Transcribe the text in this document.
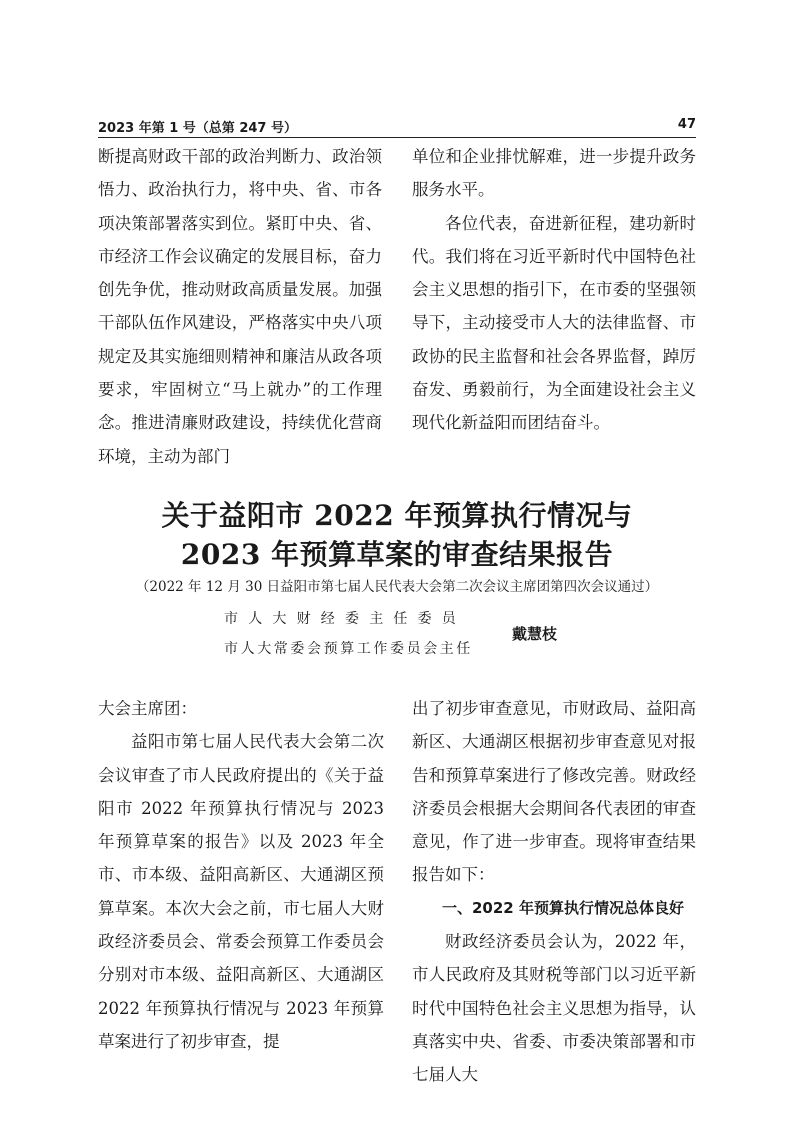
2023 年第 1 号（总第 247 号）	47

断提高财政干部的政治判断力、政治领悟力、政治执行力，将中央、省、市各项决策部署落实到位。紧盯中央、省、市经济工作会议确定的发展目标，奋力创先争优，推动财政高质量发展。加强干部队伍作风建设，严格落实中央八项规定及其实施细则精神和廉洁从政各项要求，牢固树立“马上就办”的工作理念。推进清廉财政建设，持续优化营商环境，主动为部门

单位和企业排忧解难，进一步提升政务服务水平。

各位代表，奋进新征程，建功新时代。我们将在习近平新时代中国特色社会主义思想的指引下，在市委的坚强领导下，主动接受市人大的法律监督、市政协的民主监督和社会各界监督，踔厉奋发、勇毅前行，为全面建设社会主义现代化新益阳而团结奋斗。

关于益阳市 2022 年预算执行情况与
2023 年预算草案的审查结果报告
（2022 年 12 月 30 日益阳市第七届人民代表大会第二次会议主席团第四次会议通过）
市人大财经委主任委员
市人大常委会预算工作委员会主任
戴慧枝

大会主席团：

益阳市第七届人民代表大会第二次会议审查了市人民政府提出的《关于益阳市 2022 年预算执行情况与 2023 年预算草案的报告》以及 2023 年全市、市本级、益阳高新区、大通湖区预算草案。本次大会之前，市七届人大财政经济委员会、常委会预算工作委员会分别对市本级、益阳高新区、大通湖区 2022 年预算执行情况与 2023 年预算草案进行了初步审查，提

出了初步审查意见，市财政局、益阳高新区、大通湖区根据初步审查意见对报告和预算草案进行了修改完善。财政经济委员会根据大会期间各代表团的审查意见，作了进一步审查。现将审查结果报告如下：

一、2022 年预算执行情况总体良好

财政经济委员会认为，2022 年，市人民政府及其财税等部门以习近平新时代中国特色社会主义思想为指导，认真落实中央、省委、市委决策部署和市七届人大
